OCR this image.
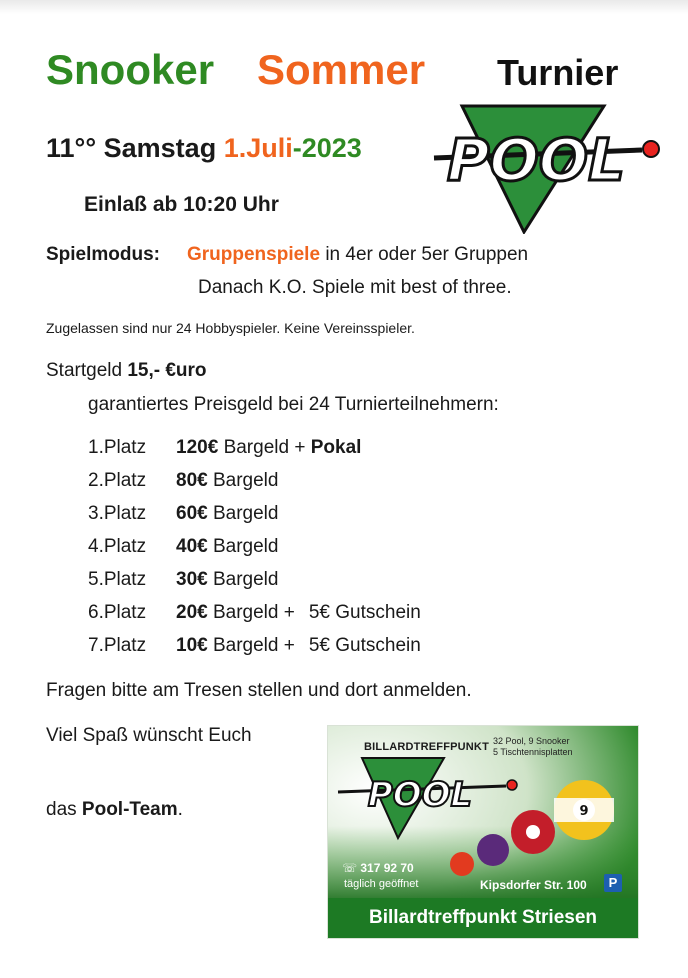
Snooker Sommer Turnier
11°° Samstag 1.Juli-2023 POOL
Einlaß ab 10:20 Uhr
Spielmodus: Gruppenspiele in 4er oder 5er Gruppen
Danach K.O. Spiele mit best of three.
Zugelassen sind nur 24 Hobbyspieler. Keine Vereinsspieler.
Startgeld 15,- €uro
garantiertes Preisgeld bei 24 Turnierteilnehmern:
1.Platz 120€ Bargeld + Pokal
2.Platz 80€ Bargeld
3.Platz 60€ Bargeld
4.Platz 40€ Bargeld
5.Platz 30€ Bargeld
6.Platz 20€ Bargeld + 5€ Gutschein
7.Platz 10€ Bargeld + 5€ Gutschein
Fragen bitte am Tresen stellen und dort anmelden.
Viel Spaß wünscht Euch
das Pool-Team.	POOL	9
BILLARDTREFFPUNKT 32 Pool, 9 Snooker
5 Tischtennisplatten
☏ 317 92 70
täglich geöffnet	Kipsdorfer Str. 100	P
Billardtreffpunkt Striesen
